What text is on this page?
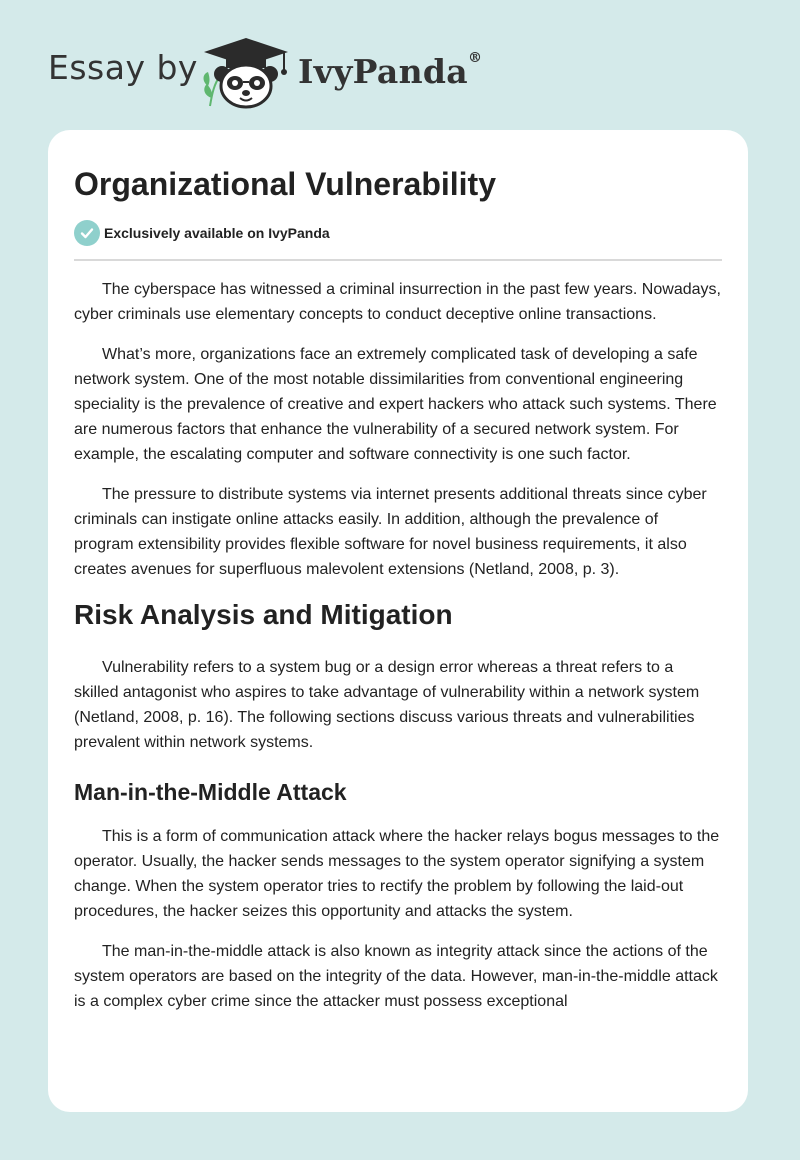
Essay by	IvyPanda®
Organizational Vulnerability
Exclusively available on IvyPanda

The cyberspace has witnessed a criminal insurrection in the past few years. Nowadays, cyber criminals use elementary concepts to conduct deceptive online transactions.

What’s more, organizations face an extremely complicated task of developing a safe network system. One of the most notable dissimilarities from conventional engineering speciality is the prevalence of creative and expert hackers who attack such systems. There are numerous factors that enhance the vulnerability of a secured network system. For example, the escalating computer and software connectivity is one such factor.

The pressure to distribute systems via internet presents additional threats since cyber criminals can instigate online attacks easily. In addition, although the prevalence of program extensibility provides flexible software for novel business requirements, it also creates avenues for superfluous malevolent extensions (Netland, 2008, p. 3).

Risk Analysis and Mitigation

Vulnerability refers to a system bug or a design error whereas a threat refers to a skilled antagonist who aspires to take advantage of vulnerability within a network system (Netland, 2008, p. 16). The following sections discuss various threats and vulnerabilities prevalent within network systems.

Man-in-the-Middle Attack

This is a form of communication attack where the hacker relays bogus messages to the operator. Usually, the hacker sends messages to the system operator signifying a system change. When the system operator tries to rectify the problem by following the laid-out procedures, the hacker seizes this opportunity and attacks the system.

The man-in-the-middle attack is also known as integrity attack since the actions of the system operators are based on the integrity of the data. However, man-in-the-middle attack is a complex cyber crime since the attacker must possess exceptional
